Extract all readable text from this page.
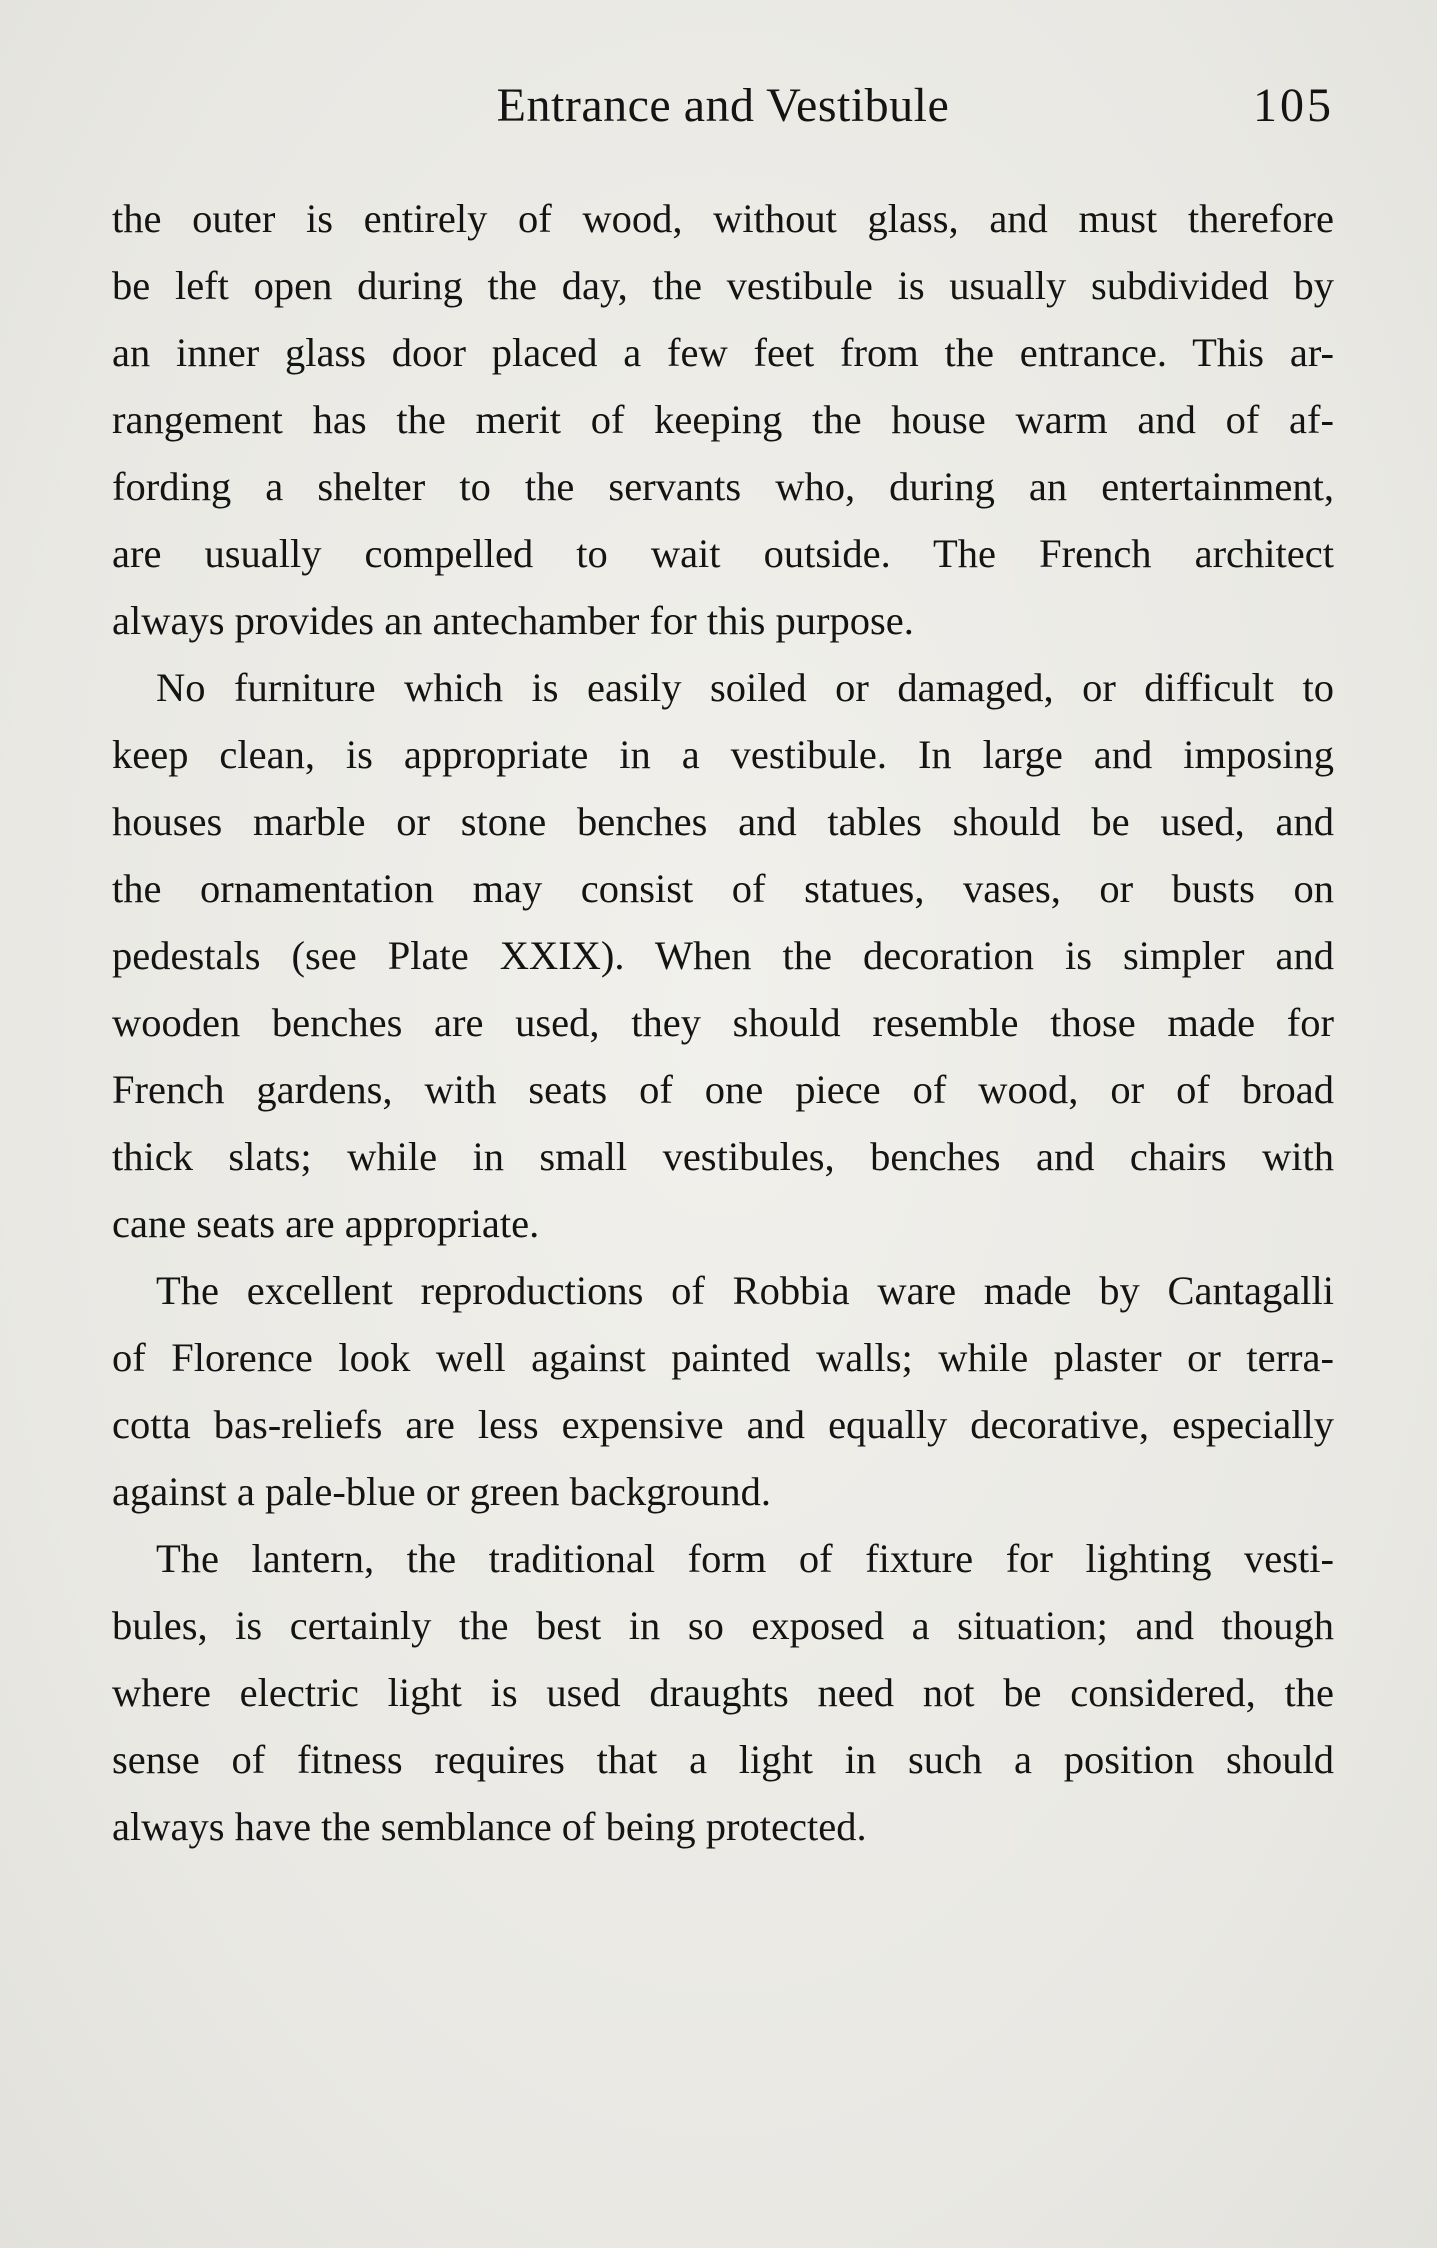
Entrance and Vestibule	105

the outer is entirely of wood, without glass, and must therefore
be left open during the day, the vestibule is usually subdivided by
an inner glass door placed a few feet from the entrance. This ar-
rangement has the merit of keeping the house warm and of af-
fording a shelter to the servants who, during an entertainment,
are usually compelled to wait outside. The French architect
always provides an antechamber for this purpose.

No furniture which is easily soiled or damaged, or difficult to
keep clean, is appropriate in a vestibule. In large and imposing
houses marble or stone benches and tables should be used, and
the ornamentation may consist of statues, vases, or busts on
pedestals (see Plate XXIX). When the decoration is simpler and
wooden benches are used, they should resemble those made for
French gardens, with seats of one piece of wood, or of broad
thick slats; while in small vestibules, benches and chairs with
cane seats are appropriate.

The excellent reproductions of Robbia ware made by Cantagalli
of Florence look well against painted walls; while plaster or terra-
cotta bas-reliefs are less expensive and equally decorative, especially
against a pale-blue or green background.

The lantern, the traditional form of fixture for lighting vesti-
bules, is certainly the best in so exposed a situation; and though
where electric light is used draughts need not be considered, the
sense of fitness requires that a light in such a position should
always have the semblance of being protected.
